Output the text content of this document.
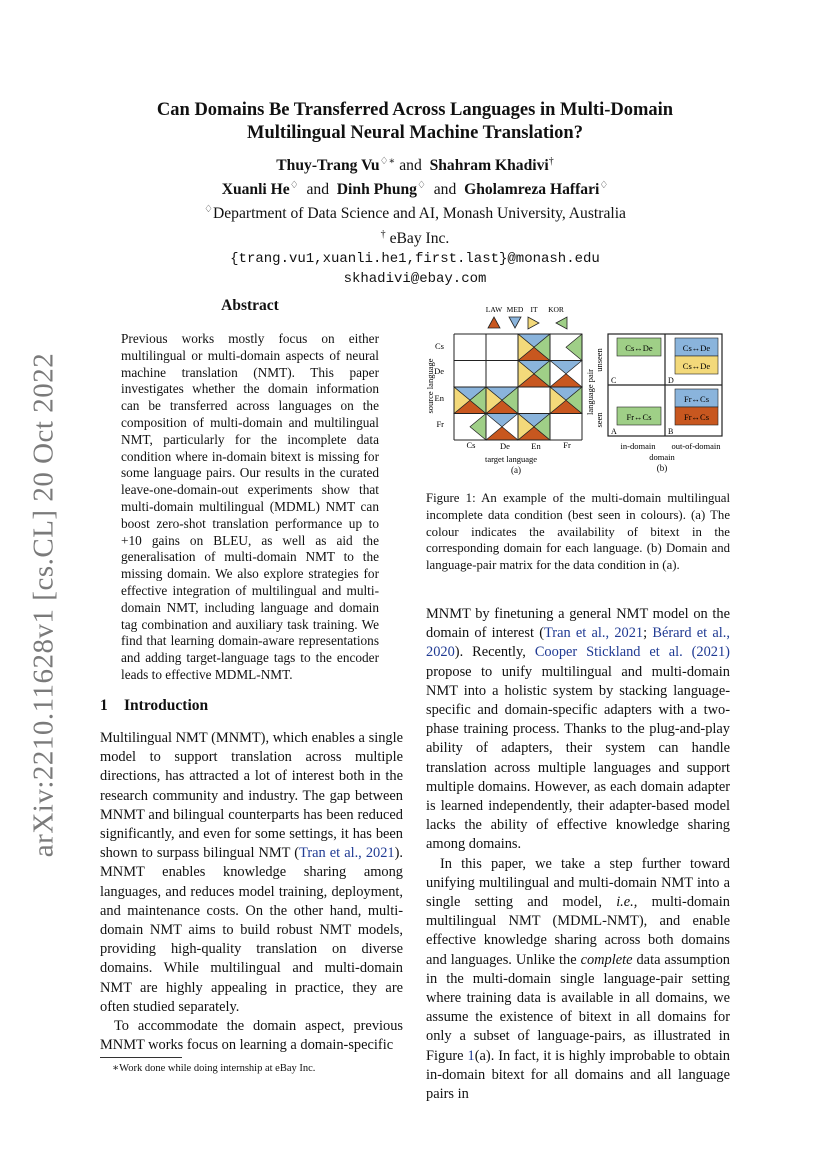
arXiv:2210.11628v1 [cs.CL] 20 Oct 2022
Can Domains Be Transferred Across Languages in Multi-Domain
Multilingual Neural Machine Translation?
Thuy-Trang Vu♢∗ and Shahram Khadivi†
Xuanli He♢ and Dinh Phung♢ and Gholamreza Haffari♢
♢Department of Data Science and AI, Monash University, Australia
† eBay Inc.
{trang.vu1,xuanli.he1,first.last}@monash.edu
skhadivi@ebay.com
Abstract
Previous works mostly focus on either multilingual or multi-domain aspects of neural machine translation (NMT). This paper investigates whether the domain information can be transferred across languages on the composition of multi-domain and multilingual NMT, particularly for the incomplete data condition where in-domain bitext is missing for some language pairs. Our results in the curated leave-one-domain-out experiments show that multi-domain multilingual (MDML) NMT can boost zero-shot translation performance up to +10 gains on BLEU, as well as aid the generalisation of multi-domain NMT to the missing domain. We also explore strategies for effective integration of multilingual and multi-domain NMT, including language and domain tag combination and auxiliary task training. We find that learning domain-aware representations and adding target-language tags to the encoder leads to effective MDML-NMT.
1 Introduction

Multilingual NMT (MNMT), which enables a single model to support translation across multiple directions, has attracted a lot of interest both in the research community and industry. The gap between MNMT and bilingual counterparts has been reduced significantly, and even for some settings, it has been shown to surpass bilingual NMT (Tran et al., 2021). MNMT enables knowledge sharing among languages, and reduces model training, deployment, and maintenance costs. On the other hand, multi-domain NMT aims to build robust NMT models, providing high-quality translation on diverse domains. While multilingual and multi-domain NMT are highly appealing in practice, they are often studied separately.

To accommodate the domain aspect, previous MNMT works focus on learning a domain-specific

∗Work done while doing internship at eBay Inc.
LAW MED IT KOR
Cs
De
En
Fr
Cs	De	En	Fr
source language
target language
(a)
language pair
unseen
seen
Cs↔De
C
Cs↔De
Cs↔De
D
Fr↔Cs
A
Fr↔Cs
Fr↔Cs
B
in-domain out-of-domain
domain
(b)
Figure 1: An example of the multi-domain multilingual incomplete data condition (best seen in colours). (a) The colour indicates the availability of bitext in the corresponding domain for each language. (b) Domain and language-pair matrix for the data condition in (a).

MNMT by finetuning a general NMT model on the domain of interest (Tran et al., 2021; Bérard et al., 2020). Recently, Cooper Stickland et al. (2021) propose to unify multilingual and multi-domain NMT into a holistic system by stacking language-specific and domain-specific adapters with a two-phase training process. Thanks to the plug-and-play ability of adapters, their system can handle translation across multiple languages and support multiple domains. However, as each domain adapter is learned independently, their adapter-based model lacks the ability of effective knowledge sharing among domains.

In this paper, we take a step further toward unifying multilingual and multi-domain NMT into a single setting and model, i.e., multi-domain multilingual NMT (MDML-NMT), and enable effective knowledge sharing across both domains and languages. Unlike the complete data assumption in the multi-domain single language-pair setting where training data is available in all domains, we assume the existence of bitext in all domains for only a subset of language-pairs, as illustrated in Figure 1(a). In fact, it is highly improbable to obtain in-domain bitext for all domains and all language pairs in
